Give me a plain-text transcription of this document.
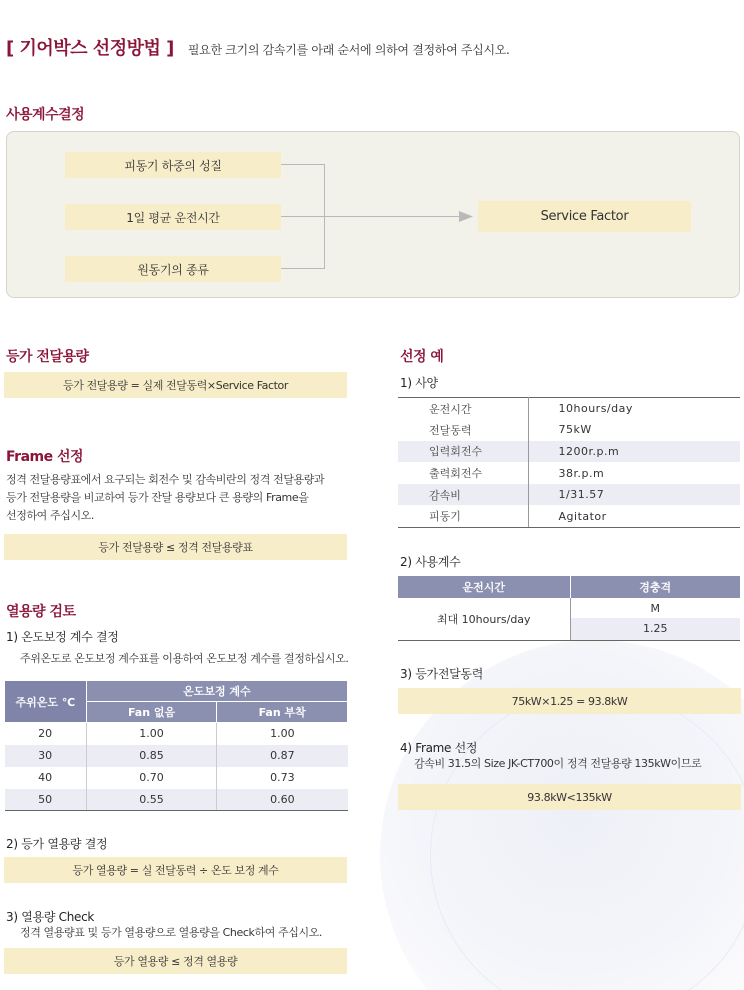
[ 기어박스 선정방법 ] 필요한 크기의 감속기를 아래 순서에 의하여 결정하여 주십시오.
사용계수결정
피동기 하중의 성질
1일 평균 운전시간
원동기의 종류
Service Factor
등가 전달용량
등가 전달용량 = 실제 전달동력×Service Factor
Frame 선정
정격 전달용량표에서 요구되는 회전수 및 감속비란의 정격 전달용량과
등가 전달용량을 비교하여 등가 잔달 용량보다 큰 용량의 Frame을
선정하여 주십시오.
등가 전달용량 ≤ 정격 전달용량표
열용량 검토
1) 온도보정 계수 결정
주위온도로 온도보정 계수표를 이용하여 온도보정 계수를 결정하십시오.
주위온도 ℃	온도보정 계수	
	Fan 없음	Fan 부착
20	1.00	1.00
30	0.85	0.87
40	0.70	0.73
50	0.55	0.60
2) 등가 열용량 결정
등가 열용량 = 실 전달동력 ÷ 온도 보정 계수
3) 열용량 Check
정격 열용량표 및 등가 열용량으로 열용량을 Check하여 주십시오.
등가 열용량 ≤ 정격 열용량
선정 예
1) 사양
운전시간	10hours/day
전달동력	75kW
입력회전수	1200r.p.m
출력회전수	38r.p.m
감속비	1/31.57
피동기	Agitator
2) 사용계수
운전시간	경충격
최대 10hours/day	M
	1.25
3) 등가전달동력
75kW×1.25 = 93.8kW
4) Frame 선정
감속비 31.5의 Size JK-CT700이 정격 전달용량 135kW이므로
93.8kW<135kW
